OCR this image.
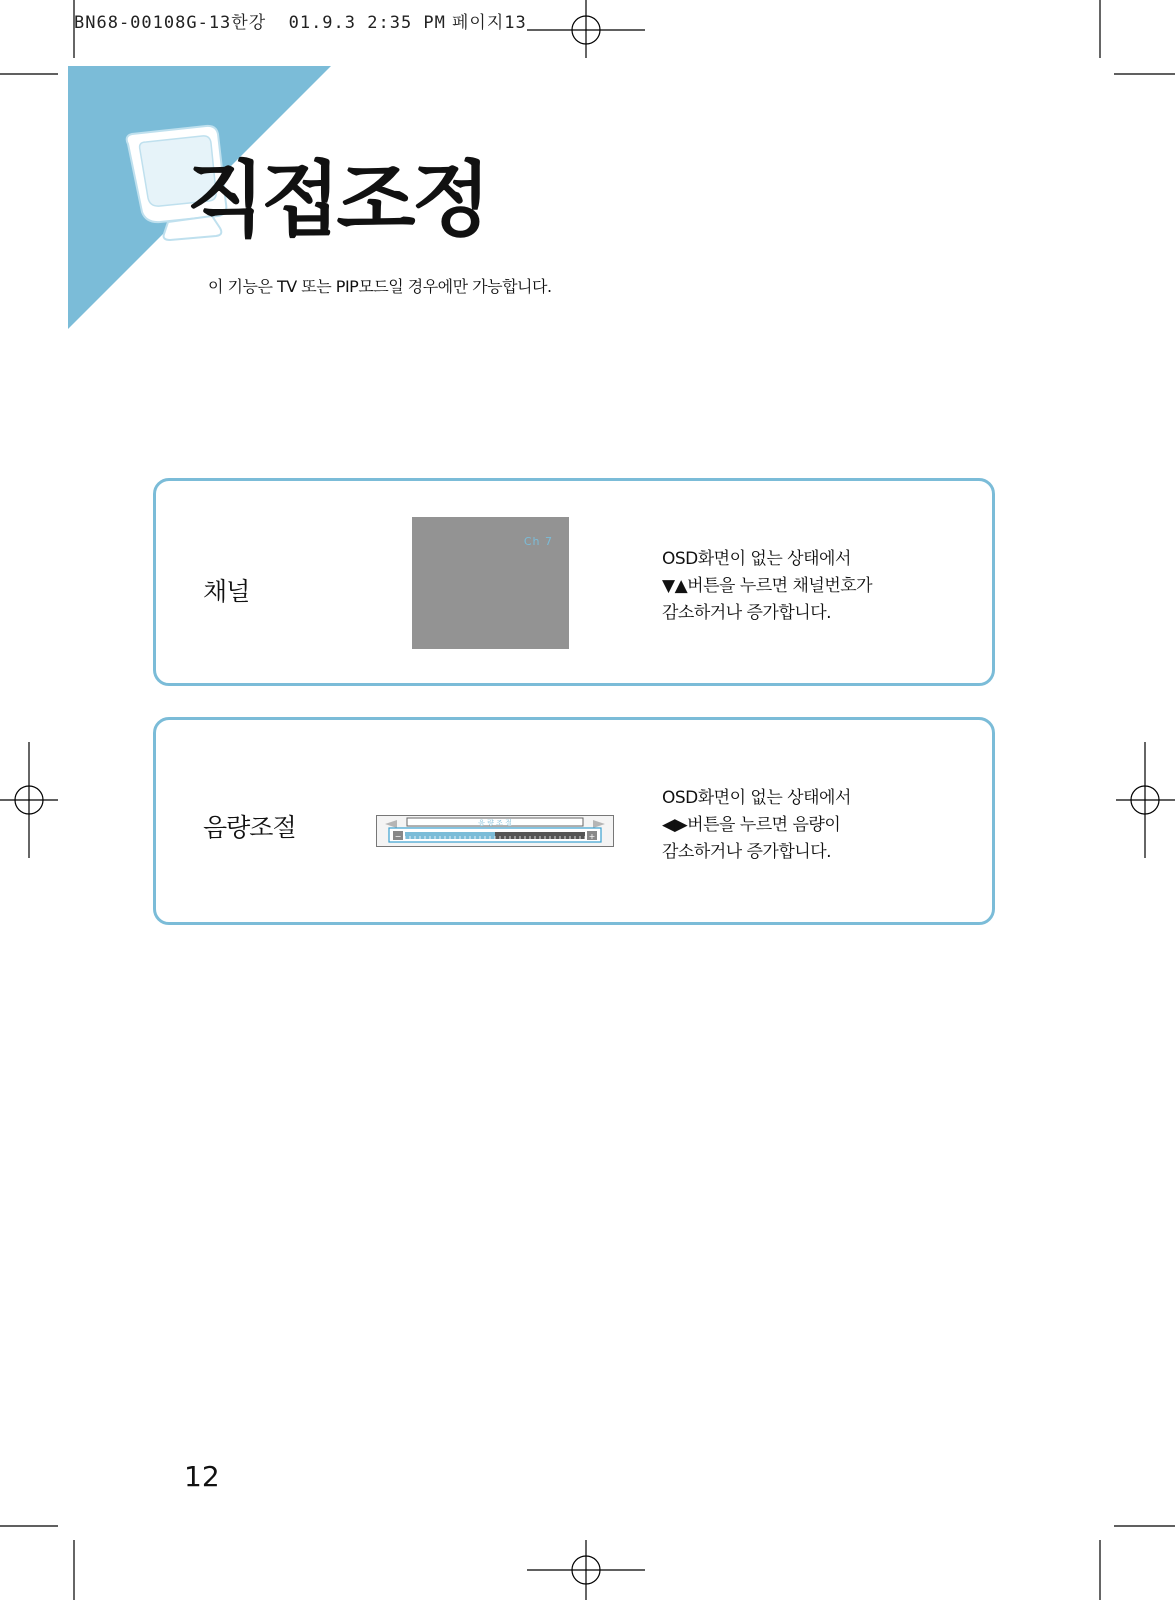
BN68-00108G-13한강  01.9.3 2:35 PM 페이지13
직접조정
이 기능은 TV 또는 PIP모드일 경우에만 가능합니다.
채널
Ch 7
OSD화면이 없는 상태에서
▼▲버튼을 누르면 채널번호가
감소하거나 증가합니다.
음량조절	음 량 조 절
−	+
OSD화면이 없는 상태에서
◀▶버튼을 누르면 음량이
감소하거나 증가합니다.
12
